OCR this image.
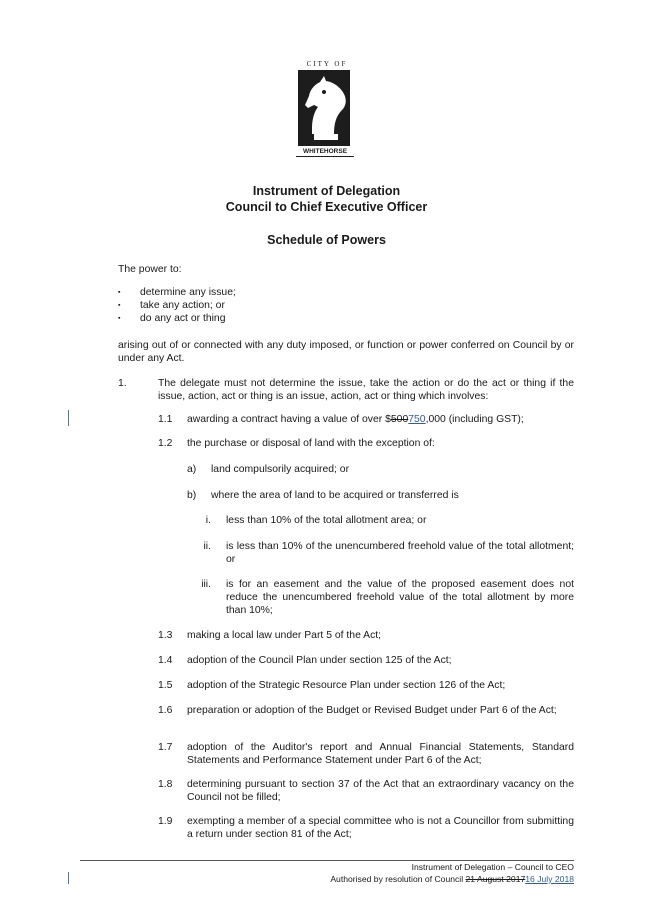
CITY OF
WHITEHORSE
Instrument of Delegation
Council to Chief Executive Officer
Schedule of Powers
The power to:
▪ determine any issue;
▪ take any action; or
▪ do any act or thing
arising out of or connected with any duty imposed, or function or power conferred on Council by or under any Act.
1.	The delegate must not determine the issue, take the action or do the act or thing if the issue, action, act or thing is an issue, action, act or thing which involves:
1.1 awarding a contract having a value of over $500750,000 (including GST);
1.2 the purchase or disposal of land with the exception of:
a) land compulsorily acquired; or
b) where the area of land to be acquired or transferred is
i. less than 10% of the total allotment area; or
ii. is less than 10% of the unencumbered freehold value of the total allotment; or
iii. is for an easement and the value of the proposed easement does not reduce the unencumbered freehold value of the total allotment by more than 10%;
1.3 making a local law under Part 5 of the Act;
1.4 adoption of the Council Plan under section 125 of the Act;
1.5 adoption of the Strategic Resource Plan under section 126 of the Act;
1.6 preparation or adoption of the Budget or Revised Budget under Part 6 of the Act;
1.7 adoption of the Auditor's report and Annual Financial Statements, Standard Statements and Performance Statement under Part 6 of the Act;
1.8 determining pursuant to section 37 of the Act that an extraordinary vacancy on the Council not be filled;
1.9 exempting a member of a special committee who is not a Councillor from submitting a return under section 81 of the Act;
Instrument of Delegation – Council to CEO
Authorised by resolution of Council 21 August 201716 July 2018
